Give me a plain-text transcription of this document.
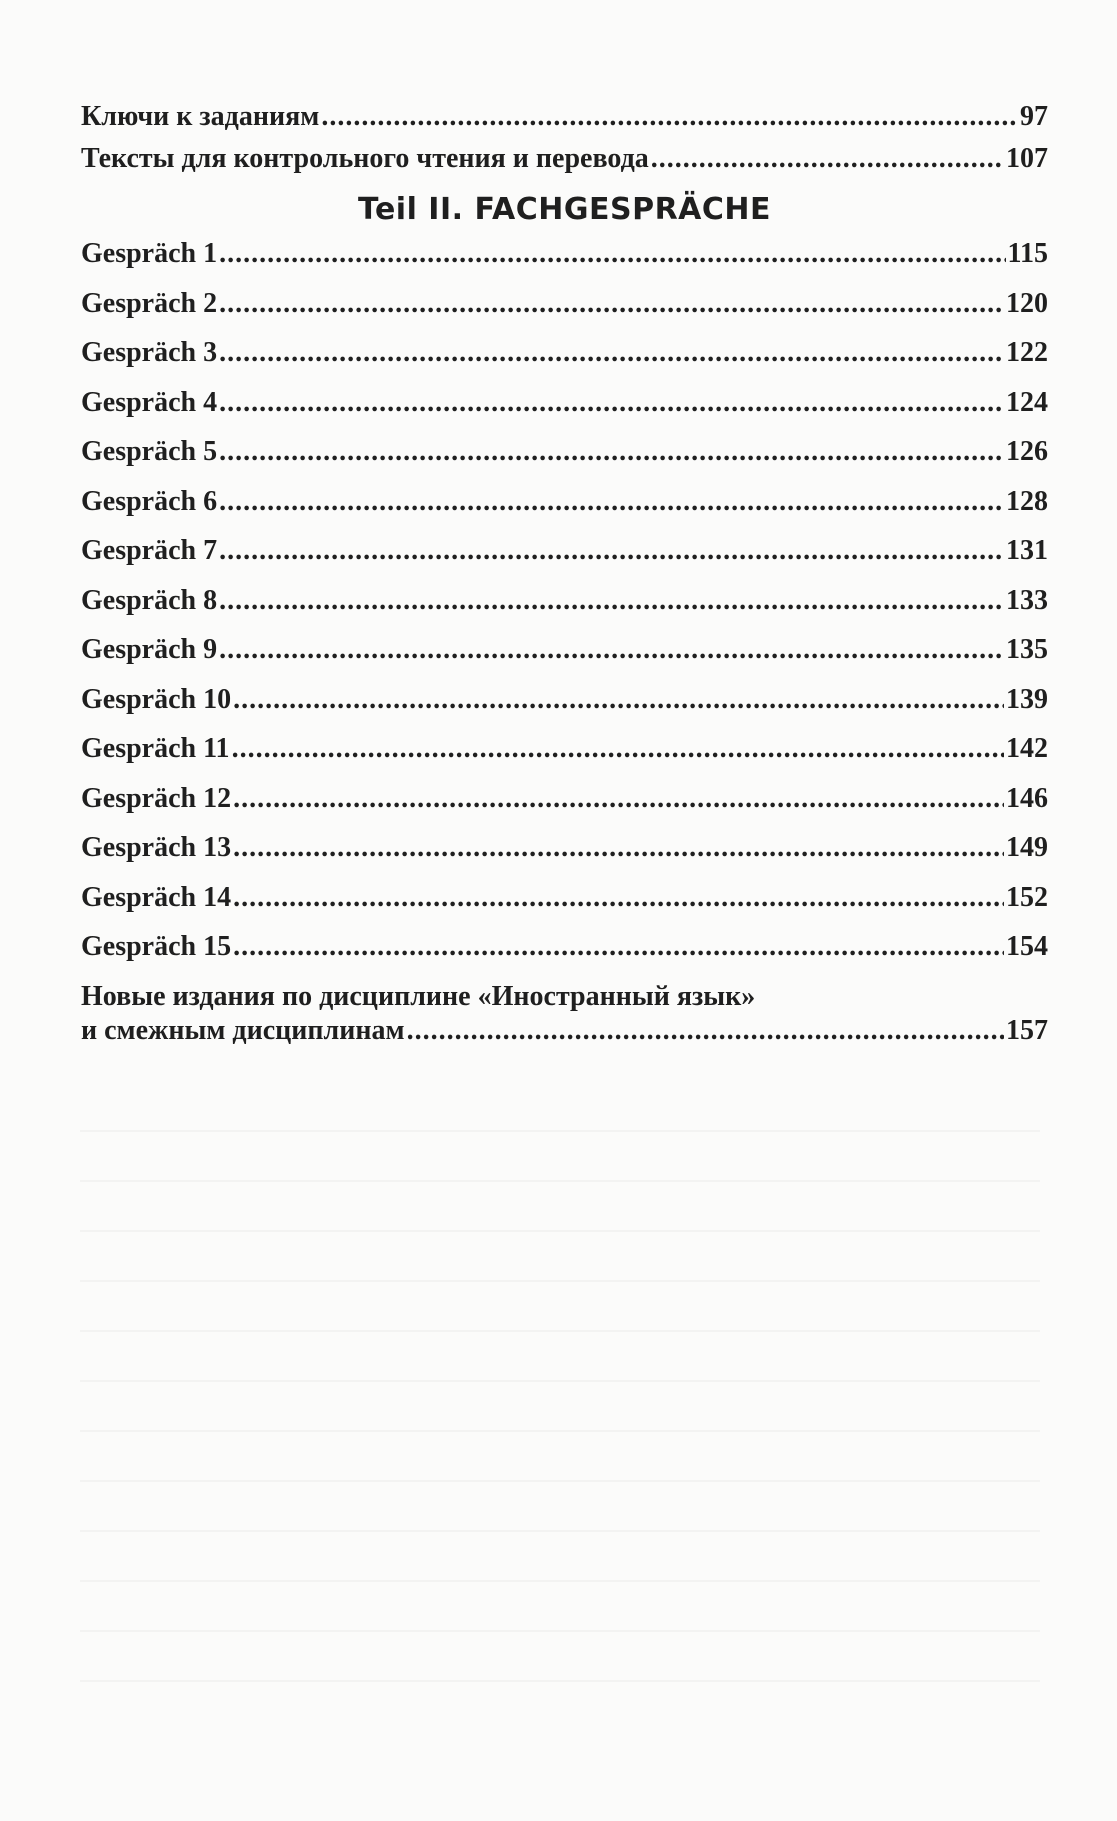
Ключи к заданиям .....	97
Тексты для контрольного чтения и перевода .....	107
Teil II. FACHGESPRÄCHE
Gespräch 1 .....	115
Gespräch 2 .....	120
Gespräch 3 .....	122
Gespräch 4 .....	124
Gespräch 5 .....	126
Gespräch 6 .....	128
Gespräch 7 .....	131
Gespräch 8 .....	133
Gespräch 9 .....	135
Gespräch 10 .....	139
Gespräch 11 .....	142
Gespräch 12 .....	146
Gespräch 13 .....	149
Gespräch 14 .....	152
Gespräch 15 .....	154
Новые издания по дисциплине «Иностранный язык»
и смежным дисциплинам .....	157
